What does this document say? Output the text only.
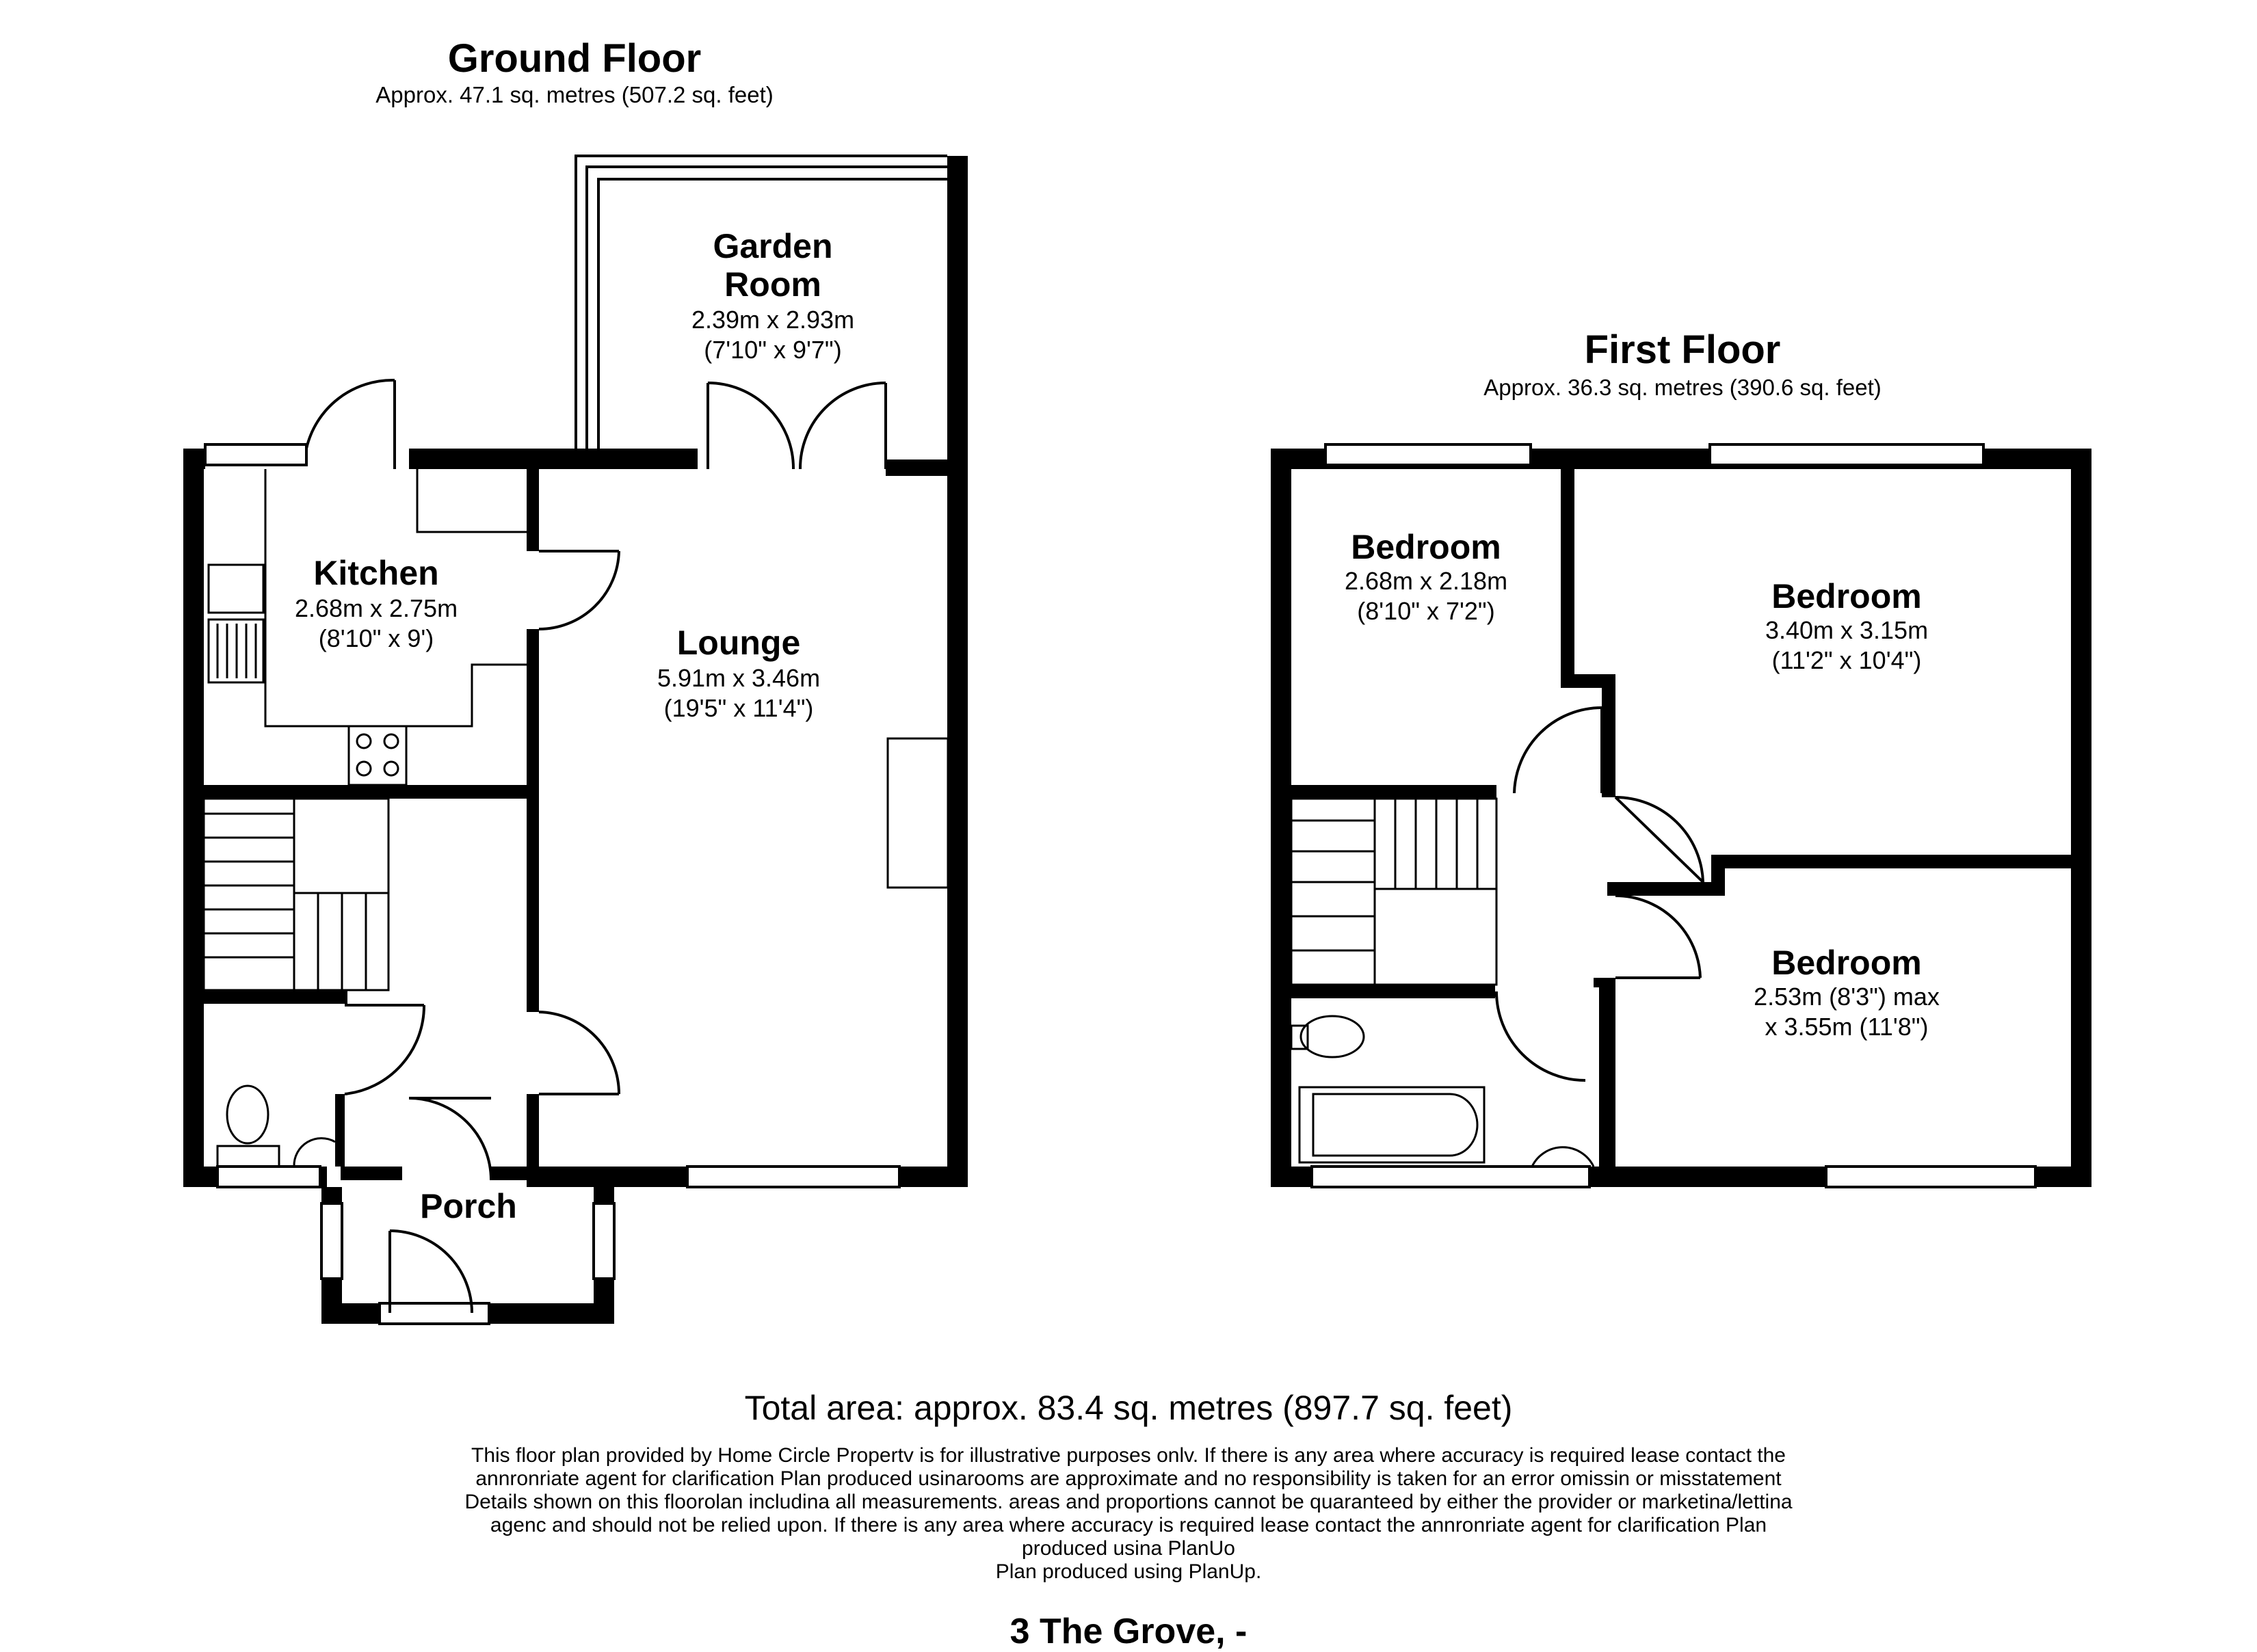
Ground Floor
Approx. 47.1 sq. metres (507.2 sq. feet)
Garden
Room
2.39m x 2.93m
(7'10" x 9'7")
Kitchen
2.68m x 2.75m
(8'10" x 9')	Lounge
5.91m x 3.46m
(19'5" x 11'4")
Porch
First Floor
Approx. 36.3 sq. metres (390.6 sq. feet)
Bedroom
2.68m x 2.18m
(8'10" x 7'2")	Bedroom
3.40m x 3.15m
(11'2" x 10'4")
Bedroom
2.53m (8'3") max
x 3.55m (11'8")
Total area: approx. 83.4 sq. metres (897.7 sq. feet)
This floor plan provided by Home Circle Propertv is for illustrative purposes onlv. If there is any area where accuracy is required lease contact the
annronriate agent for clarification Plan produced usinarooms are approximate and no responsibility is taken for an error omissin or misstatement
Details shown on this floorolan includina all measurements. areas and proportions cannot be quaranteed by either the provider or marketina/lettina
agenc and should not be relied upon. If there is any area where accuracy is required lease contact the annronriate agent for clarification Plan
produced usina PlanUo
Plan produced using PlanUp.
3 The Grove, -
